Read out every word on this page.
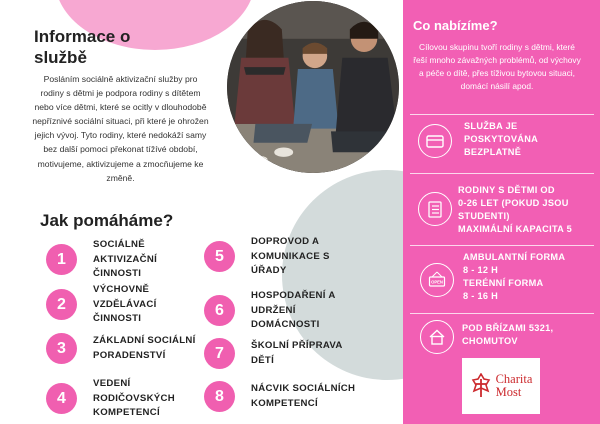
Informace o službě
Posláním sociálně aktivizační služby pro rodiny s dětmi je podpora rodiny s dítětem nebo více dětmi, které se ocitly v dlouhodobě nepříznivé sociální situaci, při které je ohrožen jejich vývoj. Tyto rodiny, které nedokáží samy bez další pomoci překonat tížívé období, motivujeme, aktivizujeme a zmocňujeme ke změně.
Jak pomáháme?
1
SOCIÁLNĚ AKTIVIZAČNÍ ČINNOSTI
2
VÝCHOVNĚ VZDĚLÁVACÍ ČINNOSTI
3	ZÁKLADNÍ SOCIÁLNÍ PORADENSTVÍ
4
VEDENÍ RODIČOVSKÝCH KOMPETENCÍ
5
DOPROVOD A KOMUNIKACE S ÚŘADY
6
HOSPODAŘENÍ A UDRŽENÍ DOMÁCNOSTI
7	ŠKOLNÍ PŘÍPRAVA DĚTÍ
8	NÁCVIK SOCIÁLNÍCH KOMPETENCÍ
Co nabízíme?
Cílovou skupinu tvoří rodiny s dětmi, které řeší mnoho závažných problémů, od výchovy a péče o dítě, přes tíživou bytovou situaci, domácí násilí apod.
SLUŽBA JE
POSKYTOVÁNA
BEZPLATNĚ
RODINY S DĚTMI OD
0-26 LET (POKUD JSOU
STUDENTI)
MAXIMÁLNÍ KAPACITA 5
OPEN
AMBULANTNÍ FORMA
8 - 12 H
TERÉNNÍ FORMA
8 - 16 H
POD BŘÍZAMI 5321,
CHOMUTOV
Charita
Most
